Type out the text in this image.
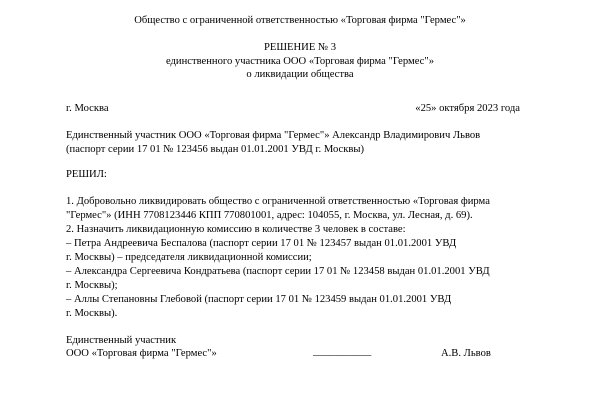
Общество с ограниченной ответственностью «Торговая фирма "Гермес"»
РЕШЕНИЕ № 3
единственного участника ООО «Торговая фирма "Гермес"»
о ликвидации общества
г. Москва	«25» октября 2023 года
Единственный участник ООО «Торговая фирма "Гермес"» Александр Владимирович Львов
(паспорт серии 17 01 № 123456 выдан 01.01.2001 УВД г. Москвы)
РЕШИЛ:
1. Добровольно ликвидировать общество с ограниченной ответственностью «Торговая фирма
"Гермес"» (ИНН 7708123446 КПП 770801001, адрес: 104055, г. Москва, ул. Лесная, д. 69).
2. Назначить ликвидационную комиссию в количестве 3 человек в составе:
– Петра Андреевича Беспалова (паспорт серии 17 01 № 123457 выдан 01.01.2001 УВД
г. Москвы) – председателя ликвидационной комиссии;
– Александра Сергеевича Кондратьева (паспорт серии 17 01 № 123458 выдан 01.01.2001 УВД
г. Москвы);
– Аллы Степановны Глебовой (паспорт серии 17 01 № 123459 выдан 01.01.2001 УВД
г. Москвы).
Единственный участник
ООО «Торговая фирма "Гермес"»	___________	А.В. Львов
